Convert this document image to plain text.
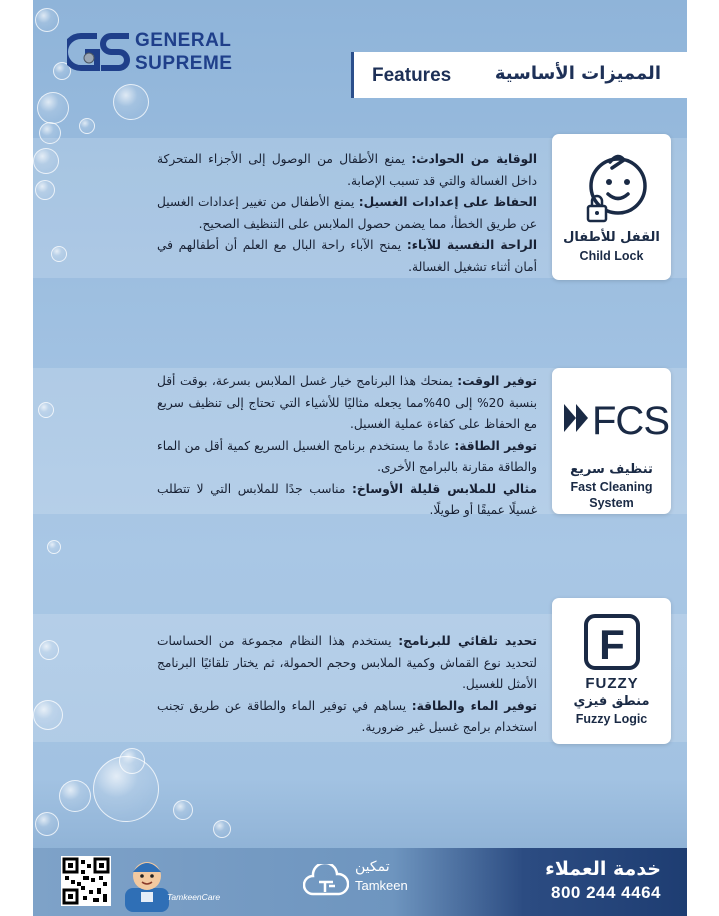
GENERAL
SUPREME
Features المميزات الأساسية
القفل للأطفال
Child Lock

الوقاية من الحوادث: يمنع الأطفال من الوصول إلى الأجزاء المتحركة داخل الغسالة والتي قد تسبب الإصابة.

الحفاظ على إعدادات الغسيل: يمنع الأطفال من تغيير إعدادات الغسيل عن طريق الخطأ، مما يضمن حصول الملابس على التنظيف الصحيح.

الراحة النفسية للآباء: يمنح الآباء راحة البال مع العلم أن أطفالهم في أمان أثناء تشغيل الغسالة.

FCS
تنظيف سريع
Fast Cleaning
System

توفير الوقت: يمنحك هذا البرنامج خيار غسل الملابس بسرعة، بوقت أقل بنسبة 20% إلى 40%مما يجعله مثاليًا للأشياء التي تحتاج إلى تنظيف سريع مع الحفاظ على كفاءة عملية الغسيل.

توفير الطاقة: عادةً ما يستخدم برنامج الغسيل السريع كمية أقل من الماء والطاقة مقارنة بالبرامج الأخرى.

مثالي للملابس قليلة الأوساخ: مناسب جدًا للملابس التي لا تتطلب غسيلًا عميقًا أو طويلًا.

F
FUZZY
منطق فيزي
Fuzzy Logic

تحديد تلقائي للبرنامج: يستخدم هذا النظام مجموعة من الحساسات لتحديد نوع القماش وكمية الملابس وحجم الحمولة، ثم يختار تلقائيًا البرنامج الأمثل للغسيل.

توفير الماء والطاقة: يساهم في توفير الماء والطاقة عن طريق تجنب استخدام برامج غسيل غير ضرورية.

TamkeenCare
تمكين
Tamkeen
خدمة العملاء
800 244 4464
